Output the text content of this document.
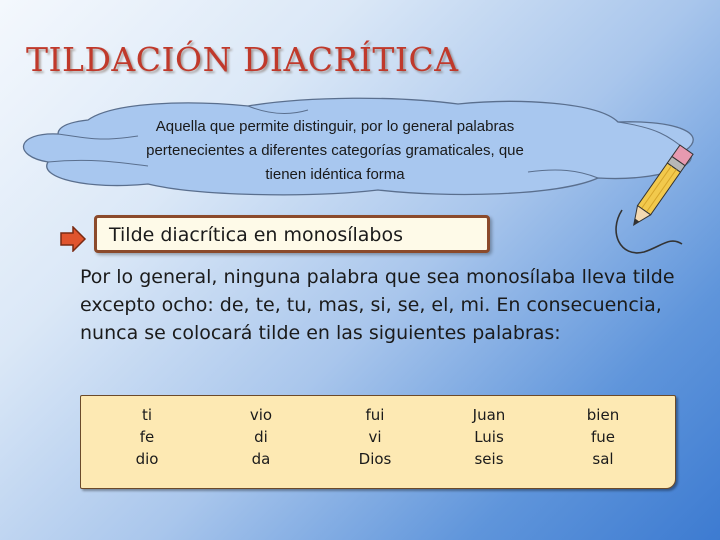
TILDACIÓN DIACRÍTICA
Aquella que permite distinguir, por lo general palabras pertenecientes a diferentes categorías gramaticales, que tienen idéntica forma
Tilde diacrítica en monosílabos

Por lo general, ninguna palabra que sea monosílaba lleva tilde excepto ocho: de, te, tu, mas, si, se, el, mi. En consecuencia, nunca se colocará tilde en las siguientes palabras:

ti
fe
dio
vio
di
da
fui
vi
Dios
Juan
Luis
seis
bien
fue
sal
